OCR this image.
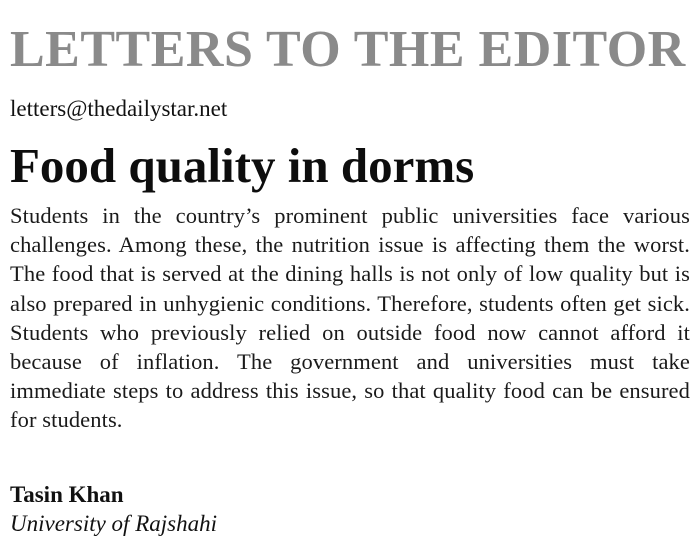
LETTERS TO THE EDITOR
letters@thedailystar.net
Food quality in dorms

Students in the country’s prominent public universities face various challenges. Among these, the nutrition issue is affecting them the worst. The food that is served at the dining halls is not only of low quality but is also prepared in unhygienic conditions. Therefore, students often get sick. Students who previously relied on outside food now cannot afford it because of inflation. The government and universities must take immediate steps to address this issue, so that quality food can be ensured for students.

Tasin Khan
University of Rajshahi
